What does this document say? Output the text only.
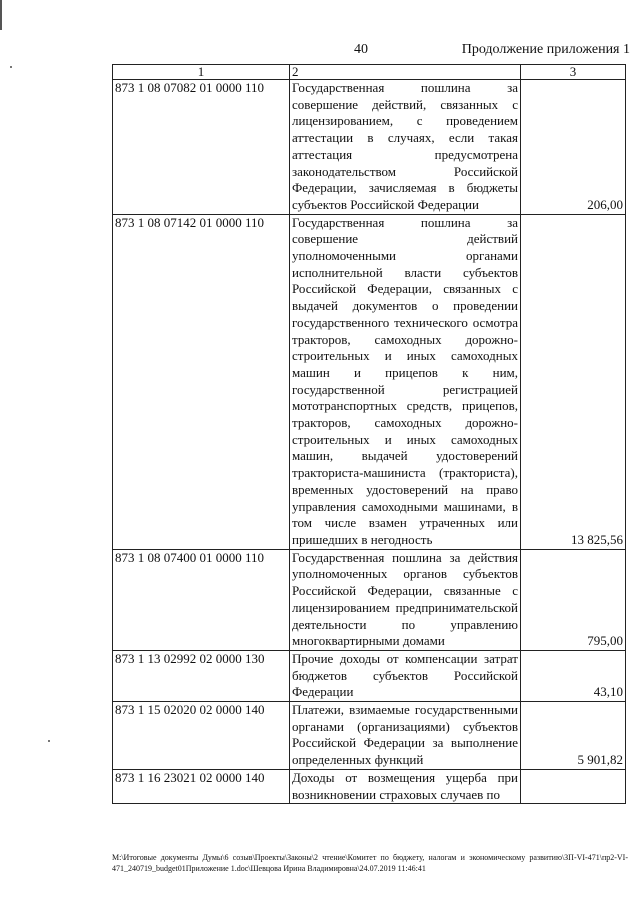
40	Продолжение приложения 1
1	2	3
873 1 08 07082 01 0000 110	Государственная пошлина за совершение действий, связанных с лицензированием, с проведением аттестации в случаях, если такая аттестация предусмотрена законодательством Российской Федерации, зачисляемая в бюджеты субъектов Российской Федерации	206,00
873 1 08 07142 01 0000 110	Государственная пошлина за совершение действий уполномоченными органами исполнительной власти субъектов Российской Федерации, связанных с выдачей документов о проведении государственного технического осмотра тракторов, самоходных дорожно-строительных и иных самоходных машин и прицепов к ним, государственной регистрацией мототранспортных средств, прицепов, тракторов, самоходных дорожно-строительных и иных самоходных машин, выдачей удостоверений тракториста-машиниста (тракториста), временных удостоверений на право управления самоходными машинами, в том числе взамен утраченных или пришедших в негодность	13 825,56
873 1 08 07400 01 0000 110	Государственная пошлина за действия уполномоченных органов субъектов Российской Федерации, связанные с лицензированием предпринимательской деятельности по управлению многоквартирными домами	795,00
873 1 13 02992 02 0000 130	Прочие доходы от компенсации затрат бюджетов субъектов Российской Федерации	43,10
873 1 15 02020 02 0000 140	Платежи, взимаемые государственными органами (организациями) субъектов Российской Федерации за выполнение определенных функций	5 901,82
873 1 16 23021 02 0000 140	Доходы от возмещения ущерба при возникновении страховых случаев по	
M:\Итоговые документы Думы\6 созыв\Проекты\Законы\2 чтение\Комитет по бюджету, налогам и экономическому развитию\ЗП-VI-471\пр2-VI-471_240719_budget01Приложение 1.doc\Шевцова Ирина Владимировна\24.07.2019 11:46:41
